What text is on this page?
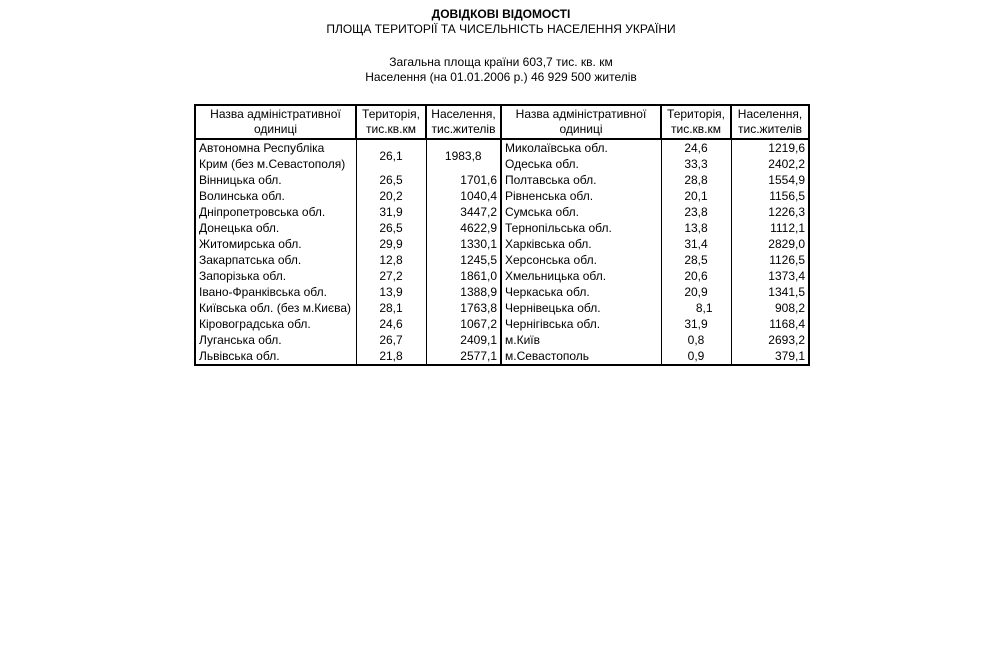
ДОВІДКОВІ ВІДОМОСТІ
ПЛОЩА ТЕРИТОРІЇ ТА ЧИСЕЛЬНІСТЬ НАСЕЛЕННЯ УКРАЇНИ
Загальна площа країни 603,7 тис. кв. км
Населення (на 01.01.2006 р.) 46 929 500 жителів
Назва адміністративної одиниці	Територія, тис.кв.км	Населення, тис.жителів	Назва адміністративної одиниці	Територія, тис.кв.км	Населення, тис.жителів
Автономна Республіка Крим (без м.Севастополя)	26,1	1983,8	Миколаївська обл.	24,6	1219,6
			Одеська обл.	33,3	2402,2
Вінницька обл.	26,5	1701,6	Полтавська обл.	28,8	1554,9
Волинська обл.	20,2	1040,4	Рівненська обл.	20,1	1156,5
Дніпропетровська обл.	31,9	3447,2	Сумська обл.	23,8	1226,3
Донецька обл.	26,5	4622,9	Тернопільська обл.	13,8	1112,1
Житомирська обл.	29,9	1330,1	Харківська обл.	31,4	2829,0
Закарпатська обл.	12,8	1245,5	Херсонська обл.	28,5	1126,5
Запорізька обл.	27,2	1861,0	Хмельницька обл.	20,6	1373,4
Івано-Франківська обл.	13,9	1388,9	Черкаська обл.	20,9	1341,5
Київська обл. (без м.Києва)	28,1	1763,8	Чернівецька обл.	8,1	908,2
Кіровоградська обл.	24,6	1067,2	Чернігівська обл.	31,9	1168,4
Луганська обл.	26,7	2409,1	м.Київ	0,8	2693,2
Львівська обл.	21,8	2577,1	м.Севастополь	0,9	379,1
